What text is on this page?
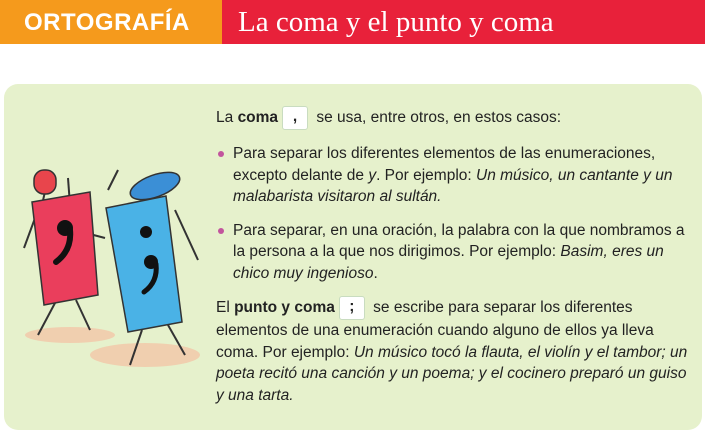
ORTOGRAFÍA La coma y el punto y coma

La coma , se usa, entre otros, en estos casos:

Para separar los diferentes elementos de las enumeraciones, excepto delante de y. Por ejemplo: Un músico, un cantante y un malabarista visitaron al sultán.
Para separar, en una oración, la palabra con la que nombramos a la persona a la que nos dirigimos. Por ejemplo: Basim, eres un chico muy ingenioso.

El punto y coma ; se escribe para separar los diferentes elementos de una enumeración cuando alguno de ellos ya lleva coma. Por ejemplo: Un músico tocó la flauta, el violín y el tambor; un poeta recitó una canción y un poema; y el cocinero preparó un guiso y una tarta.
